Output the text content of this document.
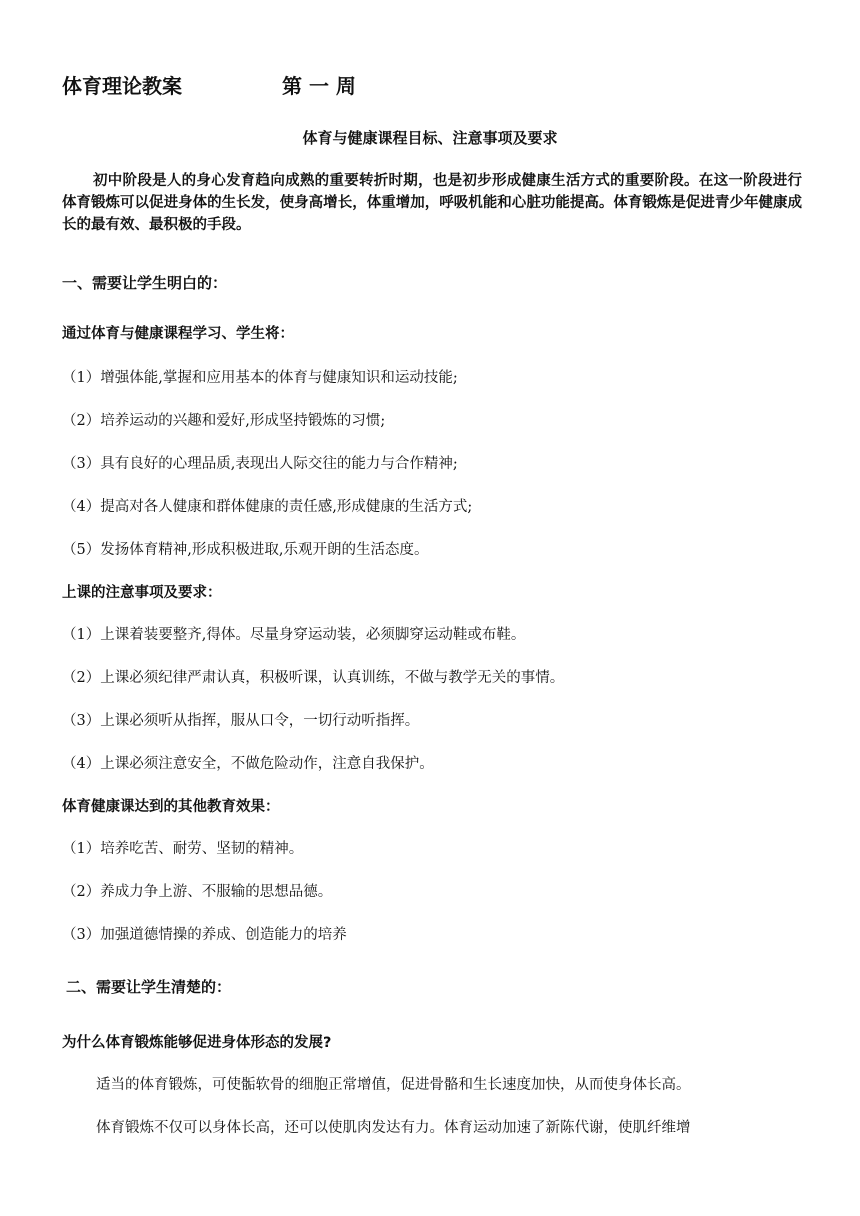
体育理论教案	第 一 周
体育与健康课程目标、注意事项及要求

初中阶段是人的身心发育趋向成熟的重要转折时期，也是初步形成健康生活方式的重要阶段。在这一阶段进行体育锻炼可以促进身体的生长发，使身高增长，体重增加，呼吸机能和心脏功能提高。体育锻炼是促进青少年健康成长的最有效、最积极的手段。

一、需要让学生明白的：
通过体育与健康课程学习、学生将：
（1）增强体能,掌握和应用基本的体育与健康知识和运动技能;
（2）培养运动的兴趣和爱好,形成坚持锻炼的习惯;
（3）具有良好的心理品质,表现出人际交往的能力与合作精神;
（4）提高对各人健康和群体健康的责任感,形成健康的生活方式;
（5）发扬体育精神,形成积极进取,乐观开朗的生活态度。
上课的注意事项及要求：
（1）上课着装要整齐,得体。尽量身穿运动装，必须脚穿运动鞋或布鞋。
（2）上课必须纪律严肃认真，积极听课，认真训练，不做与教学无关的事情。
（3）上课必须听从指挥，服从口令，一切行动听指挥。
（4）上课必须注意安全，不做危险动作，注意自我保护。
体育健康课达到的其他教育效果：
（1）培养吃苦、耐劳、坚韧的精神。
（2）养成力争上游、不服输的思想品德。
（3）加强道德情操的养成、创造能力的培养
二、需要让学生清楚的：
为什么体育锻炼能够促进身体形态的发展?
适当的体育锻炼，可使骺软骨的细胞正常增值，促进骨骼和生长速度加快，从而使身体长高。
体育锻炼不仅可以身体长高，还可以使肌肉发达有力。体育运动加速了新陈代谢，使肌纤维增
